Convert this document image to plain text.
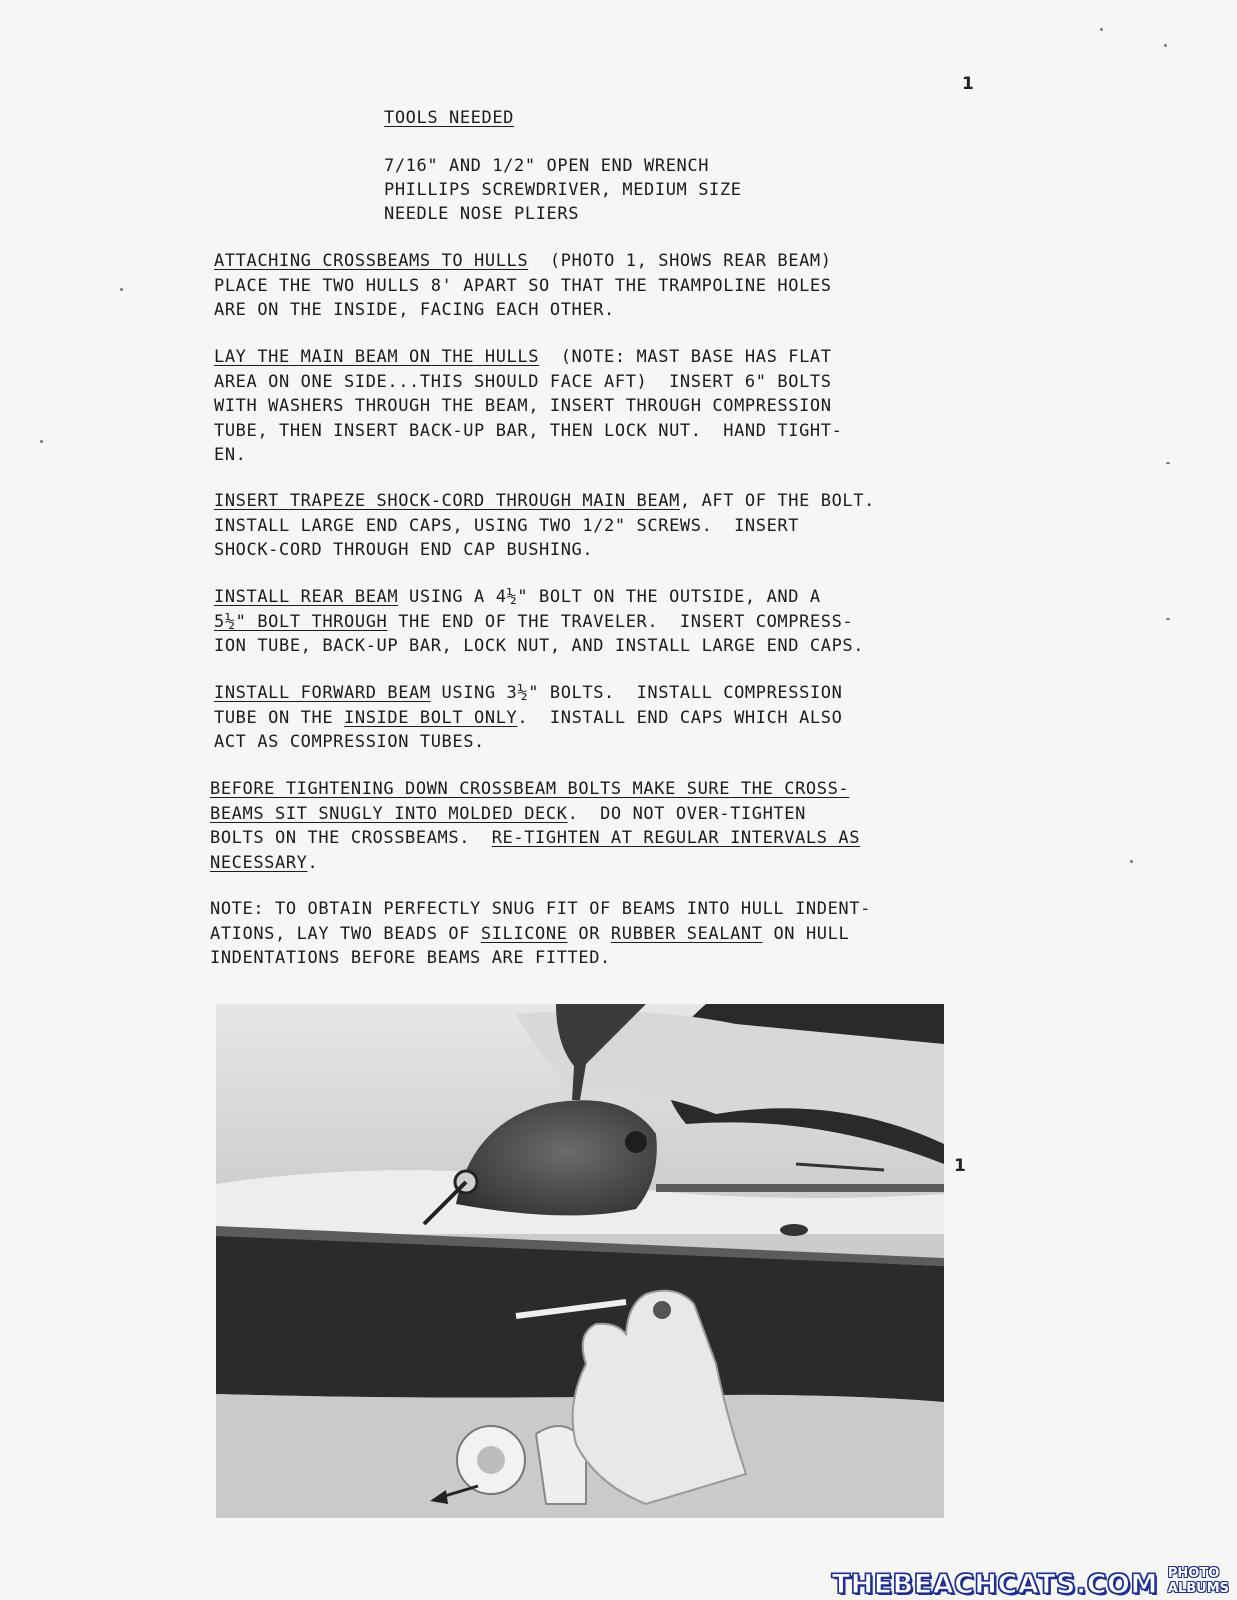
1
TOOLS NEEDED
7/16" AND 1/2" OPEN END WRENCH
PHILLIPS SCREWDRIVER, MEDIUM SIZE
NEEDLE NOSE PLIERS
ATTACHING CROSSBEAMS TO HULLS  (PHOTO 1, SHOWS REAR BEAM)
PLACE THE TWO HULLS 8' APART SO THAT THE TRAMPOLINE HOLES
ARE ON THE INSIDE, FACING EACH OTHER.
LAY THE MAIN BEAM ON THE HULLS  (NOTE: MAST BASE HAS FLAT
AREA ON ONE SIDE...THIS SHOULD FACE AFT)  INSERT 6" BOLTS
WITH WASHERS THROUGH THE BEAM, INSERT THROUGH COMPRESSION
TUBE, THEN INSERT BACK-UP BAR, THEN LOCK NUT.  HAND TIGHT-
EN.
INSERT TRAPEZE SHOCK-CORD THROUGH MAIN BEAM, AFT OF THE BOLT.
INSTALL LARGE END CAPS, USING TWO 1/2" SCREWS.  INSERT
SHOCK-CORD THROUGH END CAP BUSHING.
INSTALL REAR BEAM USING A 4½" BOLT ON THE OUTSIDE, AND A
5½" BOLT THROUGH THE END OF THE TRAVELER.  INSERT COMPRESS-
ION TUBE, BACK-UP BAR, LOCK NUT, AND INSTALL LARGE END CAPS.
INSTALL FORWARD BEAM USING 3½" BOLTS.  INSTALL COMPRESSION
TUBE ON THE INSIDE BOLT ONLY.  INSTALL END CAPS WHICH ALSO
ACT AS COMPRESSION TUBES.
BEFORE TIGHTENING DOWN CROSSBEAM BOLTS MAKE SURE THE CROSS-
BEAMS SIT SNUGLY INTO MOLDED DECK.  DO NOT OVER-TIGHTEN
BOLTS ON THE CROSSBEAMS.  RE-TIGHTEN AT REGULAR INTERVALS AS
NECESSARY.
NOTE: TO OBTAIN PERFECTLY SNUG FIT OF BEAMS INTO HULL INDENT-
ATIONS, LAY TWO BEADS OF SILICONE OR RUBBER SEALANT ON HULL
INDENTATIONS BEFORE BEAMS ARE FITTED.
1
THEBEACHCATS.COM PHOTO ALBUMS
